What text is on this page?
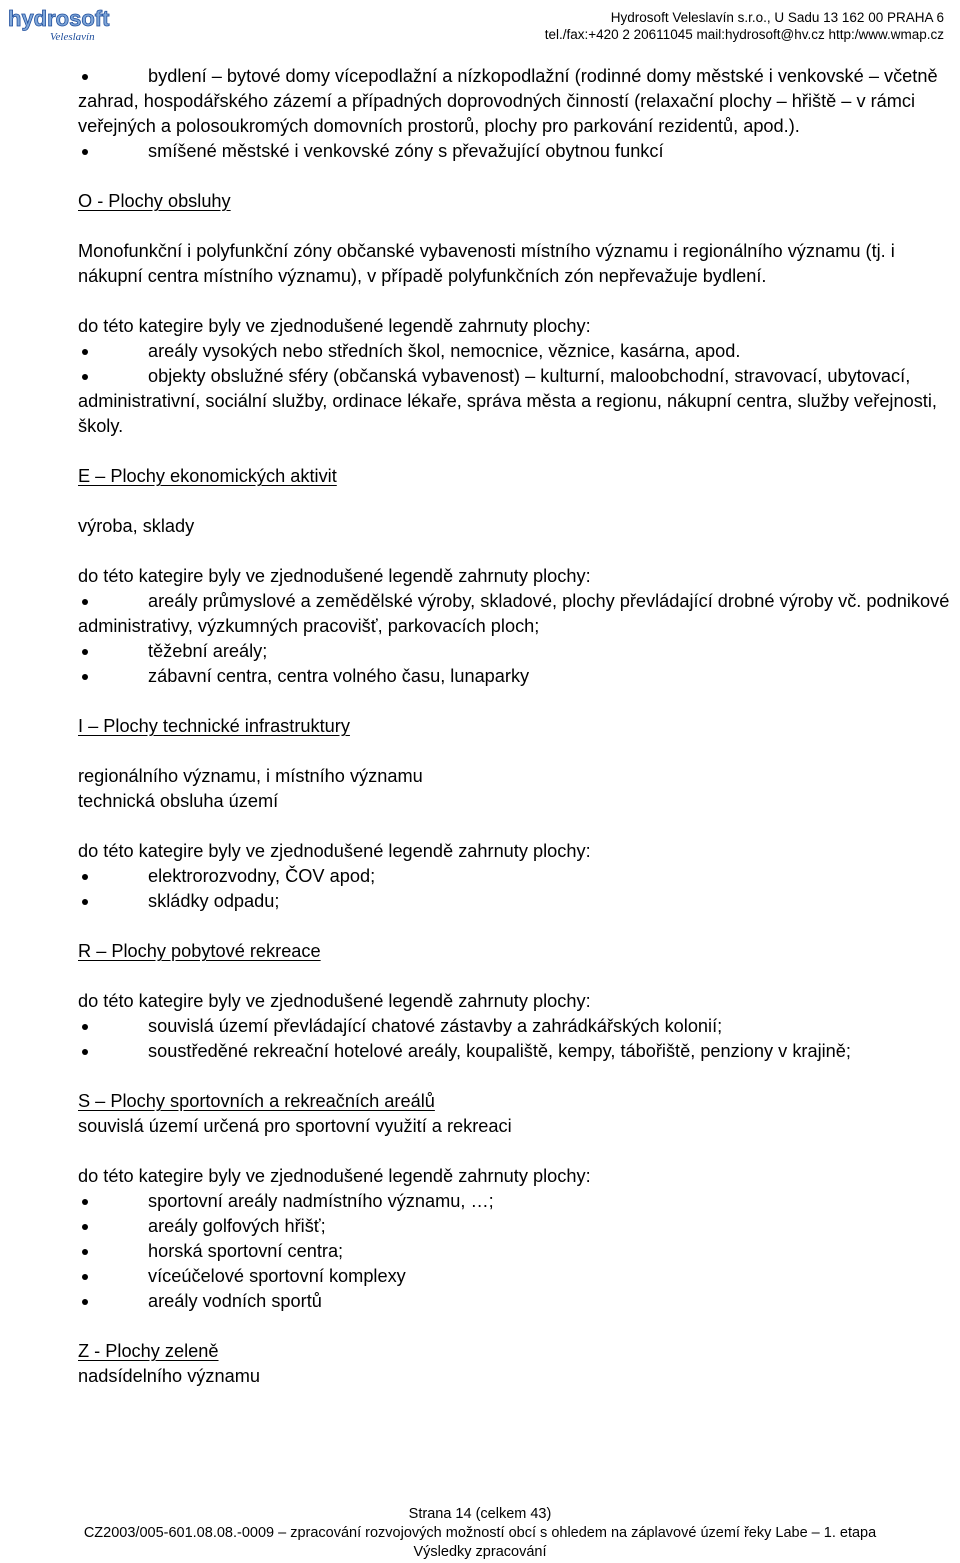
hydrosoft
Veleslavín
Hydrosoft Veleslavín s.r.o., U Sadu 13 162 00 PRAHA 6
tel./fax:+420 2 20611045 mail:hydrosoft@hv.cz http:/www.wmap.cz

bydlení – bytové domy vícepodlažní a nízkopodlažní (rodinné domy městské i venkovské – včetně zahrad, hospodářského zázemí a případných doprovodných činností (relaxační plochy – hřiště – v rámci veřejných a polosoukromých domovních prostorů, plochy pro parkování rezidentů, apod.).

smíšené městské i venkovské zóny s převažující obytnou funkcí

O - Plochy obsluhy

Monofunkční i polyfunkční zóny občanské vybavenosti místního významu i regionálního významu (tj. i nákupní centra místního významu), v případě polyfunkčních zón nepřevažuje bydlení.

do této kategire byly ve zjednodušené legendě zahrnuty plochy:

areály vysokých nebo středních škol, nemocnice, věznice, kasárna, apod.

objekty obslužné sféry (občanská vybavenost) – kulturní, maloobchodní, stravovací, ubytovací, administrativní, sociální služby, ordinace lékaře, správa města a regionu, nákupní centra, služby veřejnosti, školy.

E – Plochy ekonomických aktivit

výroba, sklady

do této kategire byly ve zjednodušené legendě zahrnuty plochy:

areály průmyslové a zemědělské výroby, skladové, plochy převládající drobné výroby vč. podnikové administrativy, výzkumných pracovišť, parkovacích ploch;

těžební areály;

zábavní centra, centra volného času, lunaparky

I – Plochy technické infrastruktury

regionálního významu, i místního významu

technická obsluha území

do této kategire byly ve zjednodušené legendě zahrnuty plochy:

elektrorozvodny, ČOV apod;

skládky odpadu;

R – Plochy pobytové rekreace

do této kategire byly ve zjednodušené legendě zahrnuty plochy:

souvislá území převládající chatové zástavby a zahrádkářských kolonií;

soustředěné rekreační hotelové areály, koupaliště, kempy, tábořiště, penziony v krajině;

S – Plochy sportovních a rekreačních areálů

souvislá území určená pro sportovní využití a rekreaci

do této kategire byly ve zjednodušené legendě zahrnuty plochy:

sportovní areály nadmístního významu, …;

areály golfových hřišť;

horská sportovní centra;

víceúčelové sportovní komplexy

areály vodních sportů

Z - Plochy zeleně

nadsídelního významu

Strana 14 (celkem 43)
CZ2003/005-601.08.08.-0009 – zpracování rozvojových možností obcí s ohledem na záplavové území řeky Labe – 1. etapa
Výsledky zpracování
